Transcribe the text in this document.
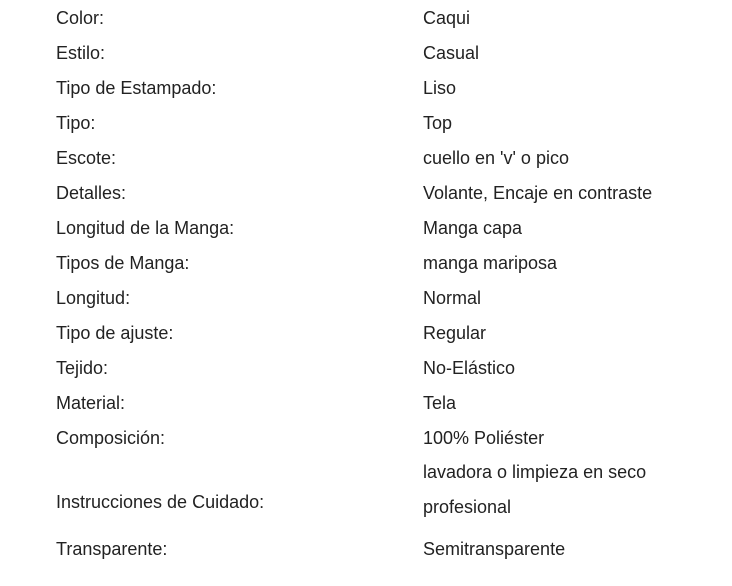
Color:	Caqui
Estilo:	Casual
Tipo de Estampado:	Liso
Tipo:	Top
Escote:	cuello en 'v' o pico
Detalles:	Volante, Encaje en contraste
Longitud de la Manga:	Manga capa
Tipos de Manga:	manga mariposa
Longitud:	Normal
Tipo de ajuste:	Regular
Tejido:	No-Elástico
Material:	Tela
Composición:	100% Poliéster
Instrucciones de Cuidado:
lavadora o limpieza en seco profesional
Transparente:	Semitransparente
